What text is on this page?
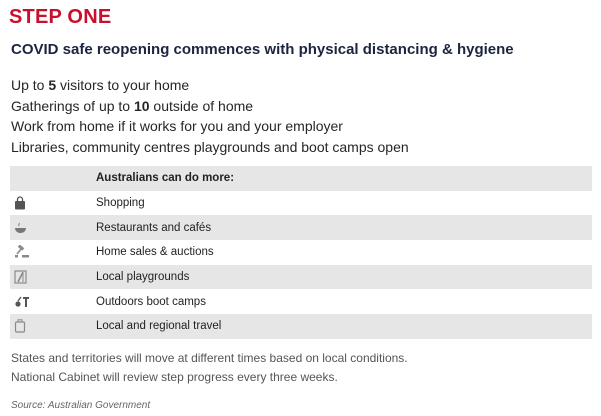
STEP ONE
COVID safe reopening commences with physical distancing & hygiene
Up to 5 visitors to your home
Gatherings of up to 10 outside of home
Work from home if it works for you and your employer
Libraries, community centres playgrounds and boot camps open
Australians can do more:
Shopping
Restaurants and cafés
Home sales & auctions
Local playgrounds
Outdoors boot camps
Local and regional travel

States and territories will move at different times based on local conditions.

National Cabinet will review step progress every three weeks.

Source: Australian Government
